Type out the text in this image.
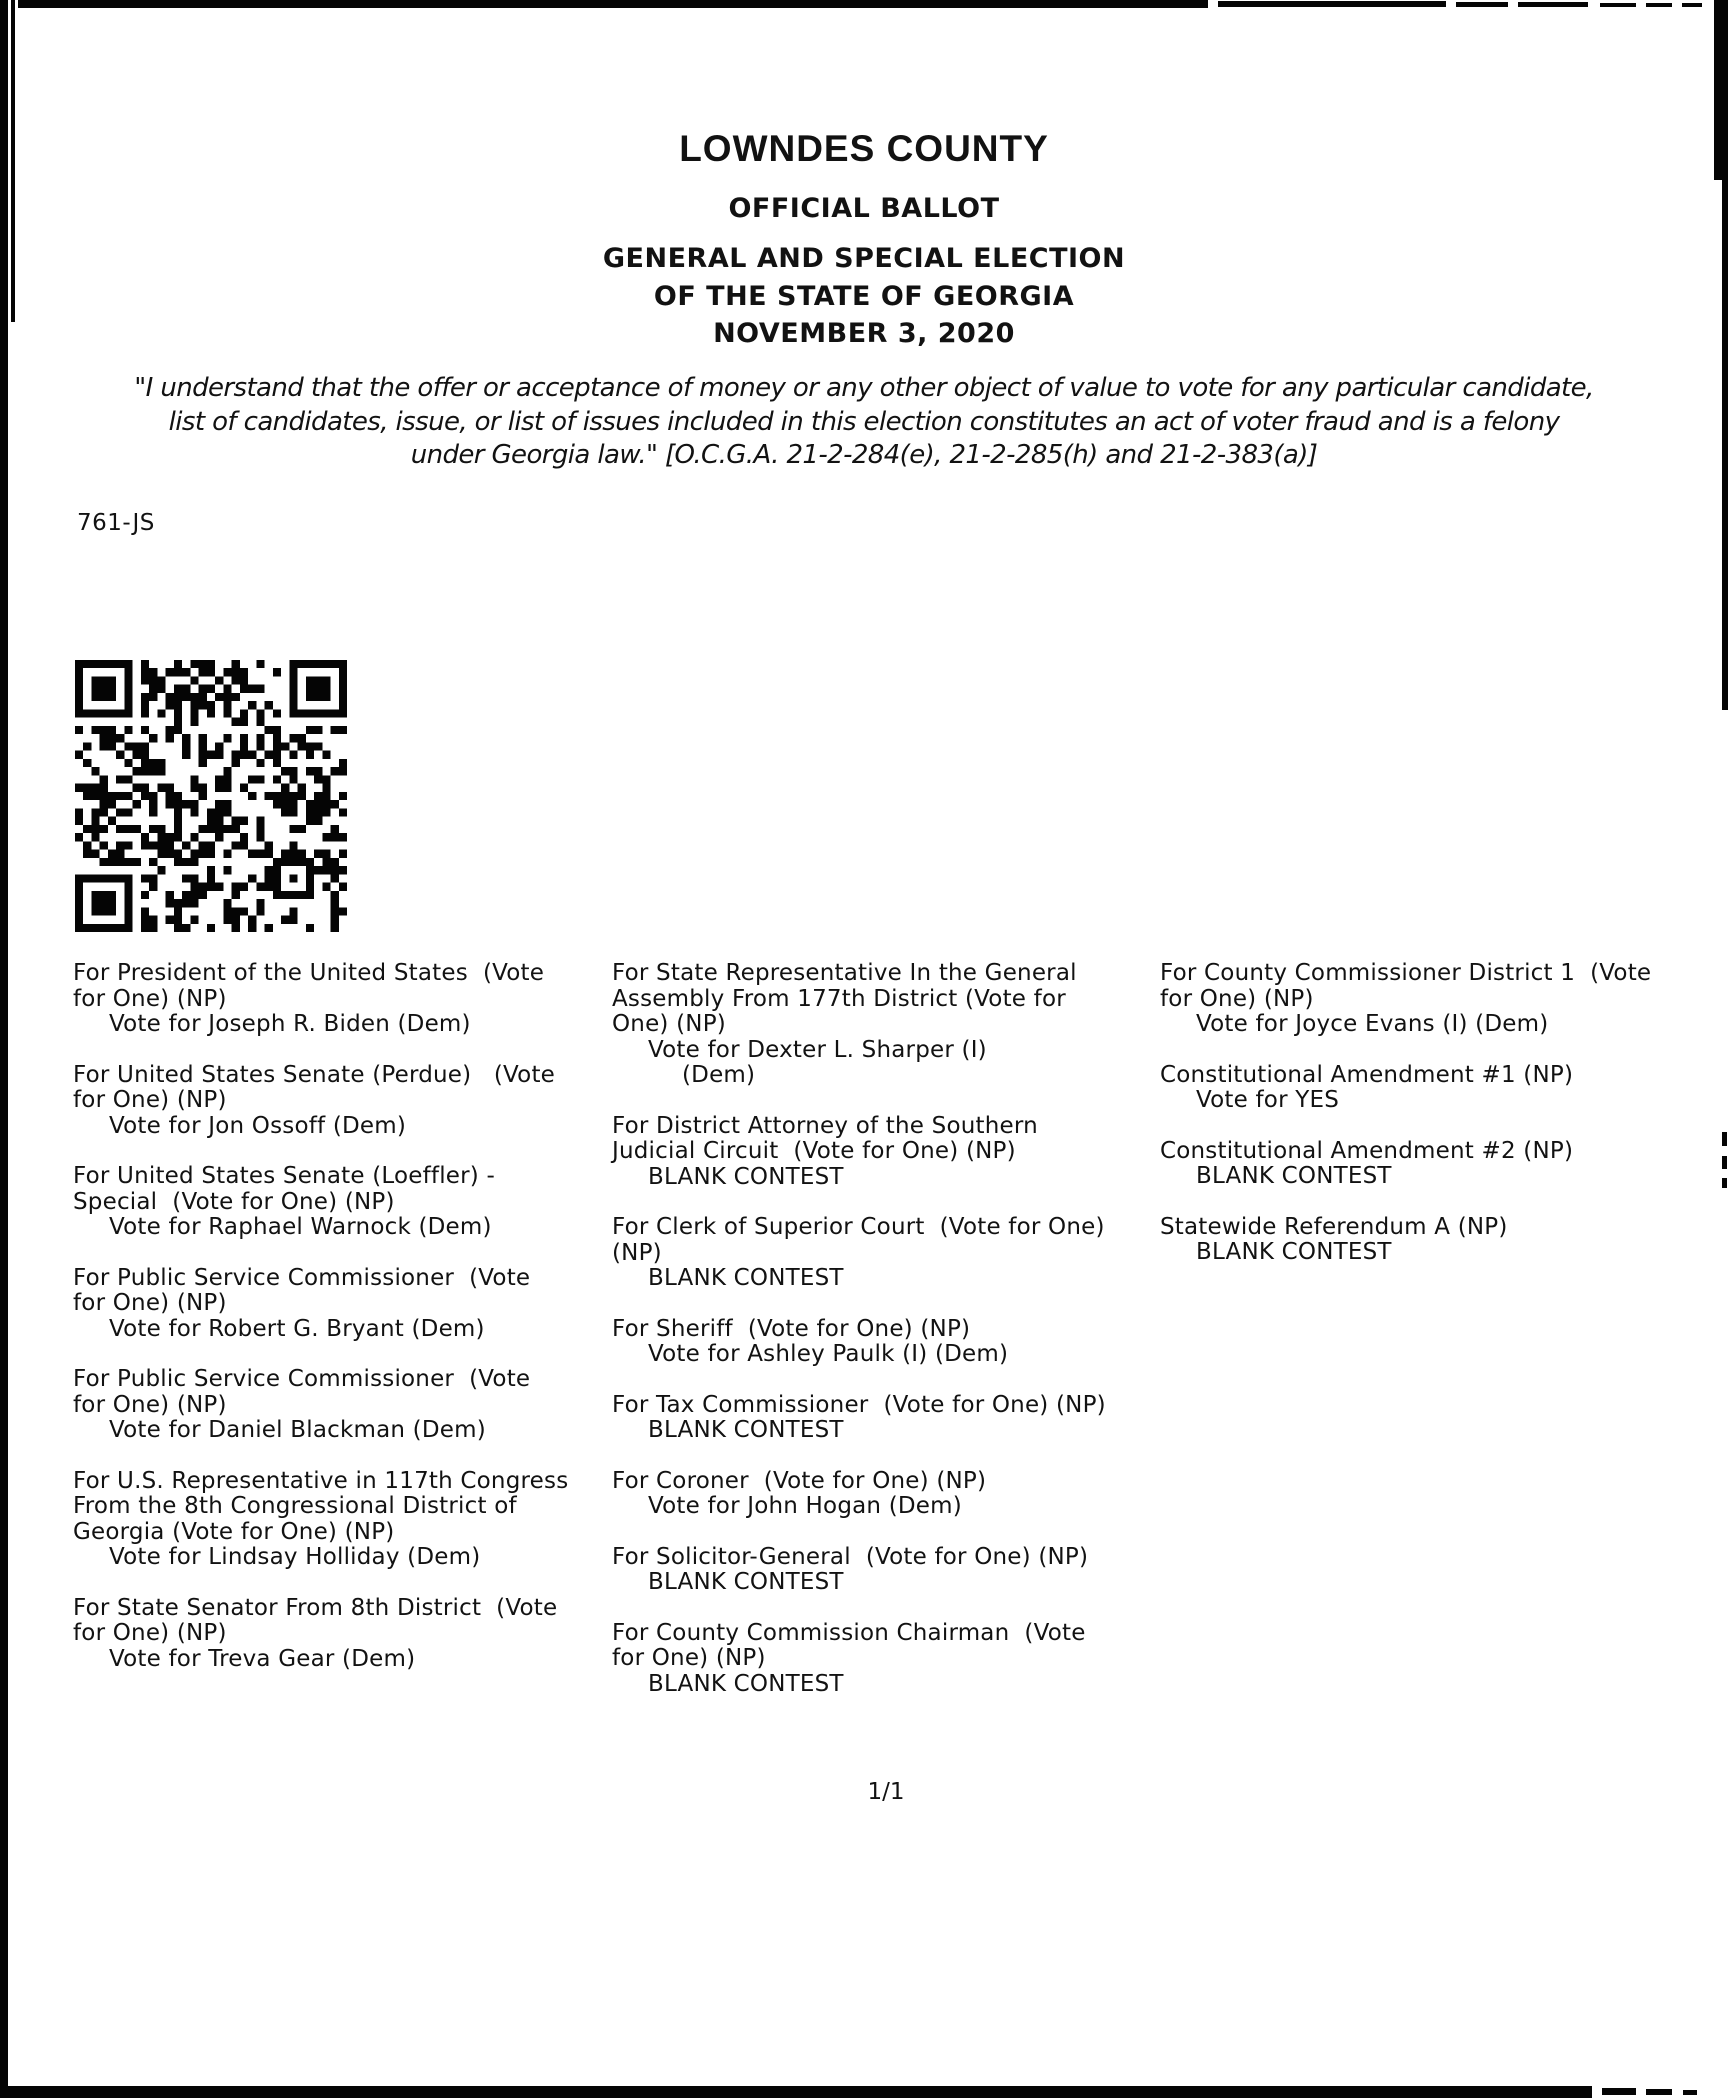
LOWNDES COUNTY
OFFICIAL BALLOT
GENERAL AND SPECIAL ELECTION
OF THE STATE OF GEORGIA
NOVEMBER 3, 2020
"I understand that the offer or acceptance of money or any other object of value to vote for any particular candidate,
list of candidates, issue, or list of issues included in this election constitutes an act of voter fraud and is a felony
under Georgia law." [O.C.G.A. 21-2-284(e), 21-2-285(h) and 21-2-383(a)]
761-JS
For President of the United States  (Vote
for One) (NP)
Vote for Joseph R. Biden (Dem)
For United States Senate (Perdue)   (Vote
for One) (NP)
Vote for Jon Ossoff (Dem)
For United States Senate (Loeffler) -
Special  (Vote for One) (NP)
Vote for Raphael Warnock (Dem)
For Public Service Commissioner  (Vote
for One) (NP)
Vote for Robert G. Bryant (Dem)
For Public Service Commissioner  (Vote
for One) (NP)
Vote for Daniel Blackman (Dem)
For U.S. Representative in 117th Congress
From the 8th Congressional District of
Georgia (Vote for One) (NP)
Vote for Lindsay Holliday (Dem)
For State Senator From 8th District  (Vote
for One) (NP)
Vote for Treva Gear (Dem)
For State Representative In the General
Assembly From 177th District (Vote for
One) (NP)
Vote for Dexter L. Sharper (I)
(Dem)
For District Attorney of the Southern
Judicial Circuit  (Vote for One) (NP)
BLANK CONTEST
For Clerk of Superior Court  (Vote for One)
(NP)
BLANK CONTEST
For Sheriff  (Vote for One) (NP)
Vote for Ashley Paulk (I) (Dem)
For Tax Commissioner  (Vote for One) (NP)
BLANK CONTEST
For Coroner  (Vote for One) (NP)
Vote for John Hogan (Dem)
For Solicitor-General  (Vote for One) (NP)
BLANK CONTEST
For County Commission Chairman  (Vote
for One) (NP)
BLANK CONTEST
For County Commissioner District 1  (Vote
for One) (NP)
Vote for Joyce Evans (I) (Dem)
Constitutional Amendment #1 (NP)
Vote for YES
Constitutional Amendment #2 (NP)
BLANK CONTEST
Statewide Referendum A (NP)
BLANK CONTEST
1/1
